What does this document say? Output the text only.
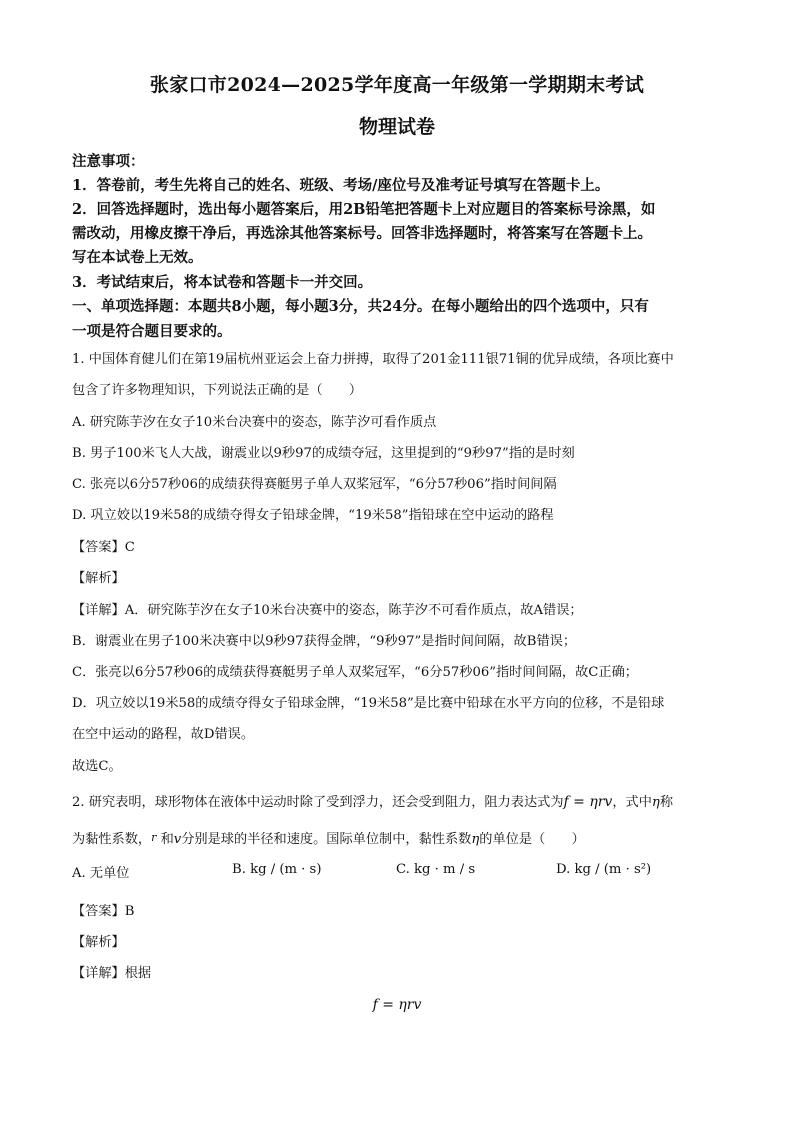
张家口市2024—2025学年度高一年级第一学期期末考试
物理试卷
注意事项：
1．答卷前，考生先将自己的姓名、班级、考场/座位号及准考证号填写在答题卡上。
2．回答选择题时，选出每小题答案后，用2B铅笔把答题卡上对应题目的答案标号涂黑，如
需改动，用橡皮擦干净后，再选涂其他答案标号。回答非选择题时，将答案写在答题卡上。
写在本试卷上无效。
3．考试结束后，将本试卷和答题卡一并交回。
一、单项选择题：本题共8小题，每小题3分，共24分。在每小题给出的四个选项中，只有
一项是符合题目要求的。
1. 中国体育健儿们在第19届杭州亚运会上奋力拼搏，取得了201金111银71铜的优异成绩，各项比赛中
包含了许多物理知识，下列说法正确的是（　　）
A. 研究陈芋汐在女子10米台决赛中的姿态，陈芋汐可看作质点
B. 男子100米飞人大战，谢震业以9秒97的成绩夺冠，这里提到的“9秒97”指的是时刻
C. 张亮以6分57秒06的成绩获得赛艇男子单人双桨冠军，“6分57秒06”指时间间隔
D. 巩立姣以19米58的成绩夺得女子铅球金牌，“19米58”指铅球在空中运动的路程
【答案】C
【解析】
【详解】A．研究陈芋汐在女子10米台决赛中的姿态，陈芋汐不可看作质点，故A错误；
B．谢震业在男子100米决赛中以9秒97获得金牌，“9秒97”是指时间间隔，故B错误；
C．张亮以6分57秒06的成绩获得赛艇男子单人双桨冠军，“6分57秒06”指时间间隔，故C正确；
D．巩立姣以19米58的成绩夺得女子铅球金牌，“19米58”是比赛中铅球在水平方向的位移，不是铅球
在空中运动的路程，故D错误。
故选C。
2. 研究表明，球形物体在液体中运动时除了受到浮力，还会受到阻力，阻力表达式为f = ηrv，式中η称
为黏性系数，r 和v分别是球的半径和速度。国际单位制中，黏性系数η的单位是（　　）
A. 无单位	B. kg / (m · s)	C. kg · m / s	D. kg / (m · s²)
【答案】B
【解析】
【详解】根据
f = ηrv
